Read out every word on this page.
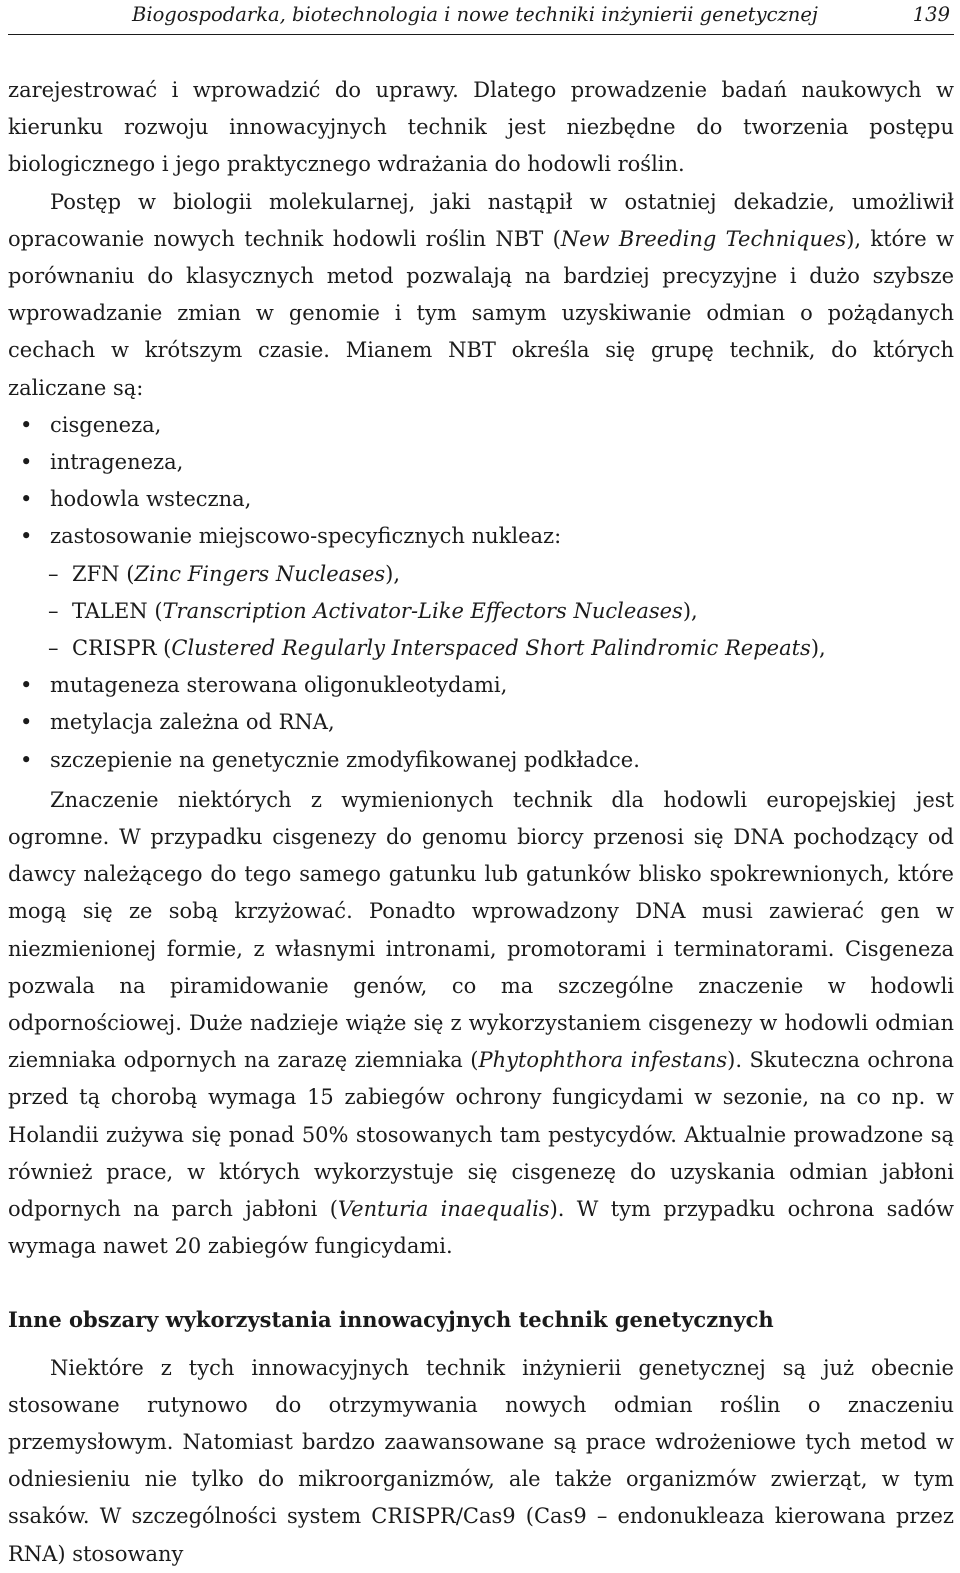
Biogospodarka, biotechnologia i nowe techniki inżynierii genetycznej	139

zarejestrować i wprowadzić do uprawy. Dlatego prowadzenie badań naukowych w kierunku rozwoju innowacyjnych technik jest niezbędne do tworzenia postępu biologicznego i jego praktycznego wdrażania do hodowli roślin.

Postęp w biologii molekularnej, jaki nastąpił w ostatniej dekadzie, umożliwił opracowanie nowych technik hodowli roślin NBT (New Breeding Techniques), które w porównaniu do klasycznych metod pozwalają na bardziej precyzyjne i dużo szybsze wprowadzanie zmian w genomie i tym samym uzyskiwanie odmian o pożądanych cechach w krótszym czasie. Mianem NBT określa się grupę technik, do których zaliczane są:

• cisgeneza,
• intrageneza,
• hodowla wsteczna,
• zastosowanie miejscowo-specyficznych nukleaz:
– ZFN (Zinc Fingers Nucleases),
– TALEN (Transcription Activator-Like Effectors Nucleases),
– CRISPR (Clustered Regularly Interspaced Short Palindromic Repeats),
• mutageneza sterowana oligonukleotydami,
• metylacja zależna od RNA,
• szczepienie na genetycznie zmodyfikowanej podkładce.

Znaczenie niektórych z wymienionych technik dla hodowli europejskiej jest ogromne. W przypadku cisgenezy do genomu biorcy przenosi się DNA pochodzący od dawcy należącego do tego samego gatunku lub gatunków blisko spokrewnionych, które mogą się ze sobą krzyżować. Ponadto wprowadzony DNA musi zawierać gen w niezmienionej formie, z własnymi intronami, promotorami i terminatorami. Cisgeneza pozwala na piramidowanie genów, co ma szczególne znaczenie w hodowli odpornościowej. Duże nadzieje wiąże się z wykorzystaniem cisgenezy w hodowli odmian ziemniaka odpornych na zarazę ziemniaka (Phytophthora infestans). Skuteczna ochrona przed tą chorobą wymaga 15 zabiegów ochrony fungicydami w sezonie, na co np. w Holandii zużywa się ponad 50% stosowanych tam pestycydów. Aktualnie prowadzone są również prace, w których wykorzystuje się cisgenezę do uzyskania odmian jabłoni odpornych na parch jabłoni (Venturia inaequalis). W tym przypadku ochrona sadów wymaga nawet 20 zabiegów fungicydami.

Inne obszary wykorzystania innowacyjnych technik genetycznych

Niektóre z tych innowacyjnych technik inżynierii genetycznej są już obecnie stosowane rutynowo do otrzymywania nowych odmian roślin o znaczeniu przemysłowym. Natomiast bardzo zaawansowane są prace wdrożeniowe tych metod w odniesieniu nie tylko do mikroorganizmów, ale także organizmów zwierząt, w tym ssaków. W szczególności system CRISPR/Cas9 (Cas9 – endonukleaza kierowana przez RNA) stosowany
